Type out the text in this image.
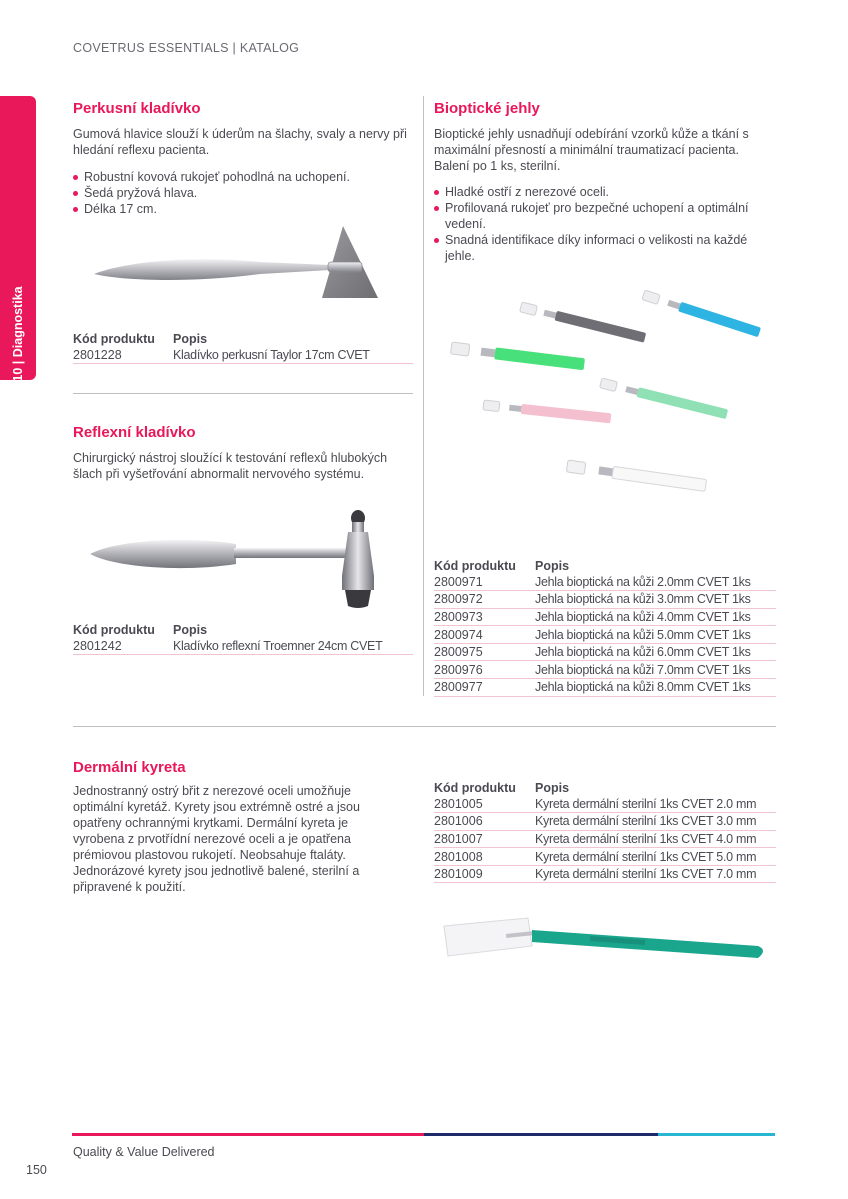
COVETRUS ESSENTIALS | KATALOG
10 | Diagnostika
Perkusní kladívko
Gumová hlavice slouží k úderům na šlachy, svaly a nervy při hledání reflexu pacienta.
Robustní kovová rukojeť pohodlná na uchopení.
Šedá pryžová hlava.
Délka 17 cm.
Kód produktu	Popis
2801228	Kladívko perkusní Taylor 17cm CVET
Reflexní kladívko
Chirurgický nástroj sloužící k testování reflexů hlubokých šlach při vyšetřování abnormalit nervového systému.
Kód produktu	Popis
2801242	Kladívko reflexní Troemner 24cm CVET
Bioptické jehly
Bioptické jehly usnadňují odebírání vzorků kůže a tkání s maximální přesností a minimální traumatizací pacienta. Balení po 1 ks, sterilní.
Hladké ostří z nerezové oceli.
Profilovaná rukojeť pro bezpečné uchopení a optimální vedení.
Snadná identifikace díky informaci o velikosti na každé jehle.
Kód produktu	Popis
2800971	Jehla bioptická na kůži 2.0mm CVET 1ks
2800972	Jehla bioptická na kůži 3.0mm CVET 1ks
2800973	Jehla bioptická na kůži 4.0mm CVET 1ks
2800974	Jehla bioptická na kůži 5.0mm CVET 1ks
2800975	Jehla bioptická na kůži 6.0mm CVET 1ks
2800976	Jehla bioptická na kůži 7.0mm CVET 1ks
2800977	Jehla bioptická na kůži 8.0mm CVET 1ks
Dermální kyreta
Jednostranný ostrý břit z nerezové oceli umožňuje optimální kyretáž. Kyrety jsou extrémně ostré a jsou opatřeny ochrannými krytkami. Dermální kyreta je vyrobena z prvotřídní nerezové oceli a je opatřena prémiovou plastovou rukojetí. Neobsahuje ftaláty. Jednorázové kyrety jsou jednotlivě balené, sterilní a připravené k použití.
Kód produktu	Popis
2801005	Kyreta dermální sterilní 1ks CVET 2.0 mm
2801006	Kyreta dermální sterilní 1ks CVET 3.0 mm
2801007	Kyreta dermální sterilní 1ks CVET 4.0 mm
2801008	Kyreta dermální sterilní 1ks CVET 5.0 mm
2801009	Kyreta dermální sterilní 1ks CVET 7.0 mm
Quality & Value Delivered
150
